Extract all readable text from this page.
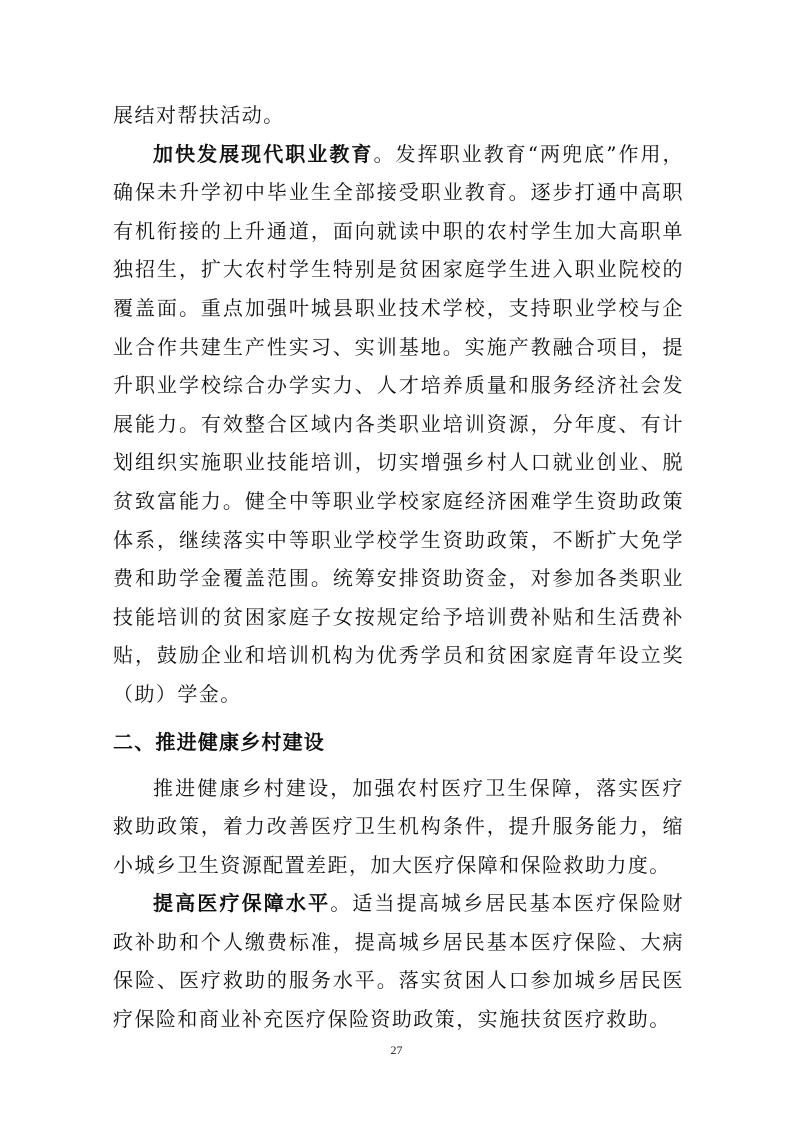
展结对帮扶活动。

加快发展现代职业教育。发挥职业教育“两兜底”作用，确保未升学初中毕业生全部接受职业教育。逐步打通中高职有机衔接的上升通道，面向就读中职的农村学生加大高职单独招生，扩大农村学生特别是贫困家庭学生进入职业院校的覆盖面。重点加强叶城县职业技术学校，支持职业学校与企业合作共建生产性实习、实训基地。实施产教融合项目，提升职业学校综合办学实力、人才培养质量和服务经济社会发展能力。有效整合区域内各类职业培训资源，分年度、有计划组织实施职业技能培训，切实增强乡村人口就业创业、脱贫致富能力。健全中等职业学校家庭经济困难学生资助政策体系，继续落实中等职业学校学生资助政策，不断扩大免学费和助学金覆盖范围。统筹安排资助资金，对参加各类职业技能培训的贫困家庭子女按规定给予培训费补贴和生活费补贴，鼓励企业和培训机构为优秀学员和贫困家庭青年设立奖（助）学金。

二、推进健康乡村建设

推进健康乡村建设，加强农村医疗卫生保障，落实医疗救助政策，着力改善医疗卫生机构条件，提升服务能力，缩小城乡卫生资源配置差距，加大医疗保障和保险救助力度。

提高医疗保障水平。适当提高城乡居民基本医疗保险财政补助和个人缴费标准，提高城乡居民基本医疗保险、大病保险、医疗救助的服务水平。落实贫困人口参加城乡居民医疗保险和商业补充医疗保险资助政策，实施扶贫医疗救助。

27
